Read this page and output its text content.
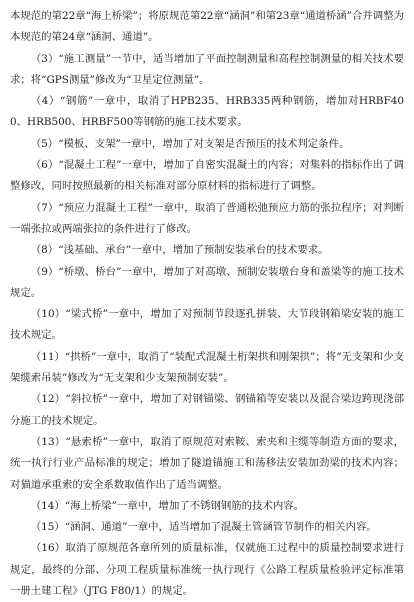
本规范的第22章“海上桥梁”；将原规范第22章“涵洞”和第23章“通道桥涵”合并调整为本规范的第24章“涵洞、通道”。

（3）“施工测量”一节中，适当增加了平面控制测量和高程控制测量的相关技术要求；将“GPS测量”修改为“卫星定位测量”。

（4）“钢筋”一章中，取消了HPB235、HRB335两种钢筋，增加对HRBF400、HRB500、HRBF500等钢筋的施工技术要求。

（5）“模板、支架”一章中，增加了对支架是否预压的技术判定条件。

（6）“混凝土工程”一章中，增加了自密实混凝土的内容；对集料的指标作出了调整修改，同时按照最新的相关标准对部分原材料的指标进行了调整。

（7）“预应力混凝土工程”一章中，取消了普通松弛预应力筋的张拉程序；对判断一端张拉或两端张拉的条件进行了修改。

（8）“浅基础、承台”一章中，增加了预制安装承台的技术要求。

（9）“桥墩、桥台”一章中，增加了对高墩、预制安装墩台身和盖梁等的施工技术规定。

（10）“梁式桥”一章中，增加了对预制节段逐孔拼装、大节段钢箱梁安装的施工技术规定。

（11）“拱桥”一章中，取消了“装配式混凝土桁架拱和刚架拱”；将“无支架和少支架缆索吊装”修改为“无支架和少支架预制安装”。

（12）“斜拉桥”一章中，增加了对钢锚梁、钢锚箱等安装以及混合梁边跨现浇部分施工的技术规定。

（13）“悬索桥”一章中，取消了原规范对索鞍、索夹和主缆等制造方面的要求，统一执行行业产品标准的规定；增加了隧道锚施工和荡移法安装加劲梁的技术内容；对猫道承重索的安全系数取值作出了适当调整。

（14）“海上桥梁”一章中，增加了不锈钢钢筋的技术内容。

（15）“涵洞、通道”一章中，适当增加了混凝土管涵管节制作的相关内容。

（16）取消了原规范各章所列的质量标准，仅就施工过程中的质量控制要求进行规定，最终的分部、分项工程质量标准统一执行现行《公路工程质量检验评定标准第一册土建工程》（JTG F80/1）的规定。
